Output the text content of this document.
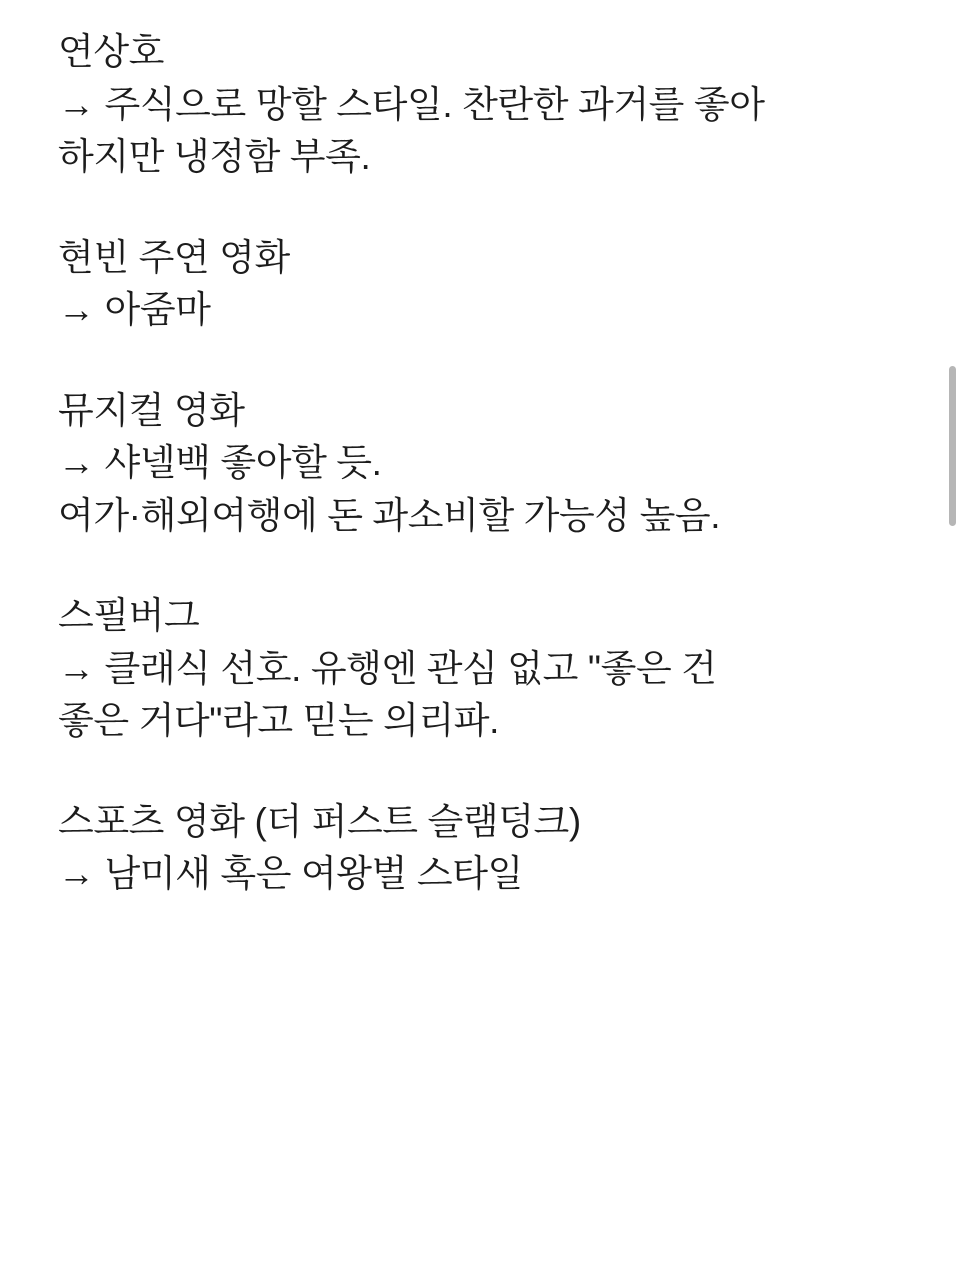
연상호
→ 주식으로 망할 스타일. 찬란한 과거를 좋아
하지만 냉정함 부족.
현빈 주연 영화
→ 아줌마
뮤지컬 영화
→ 샤넬백 좋아할 듯.
여가·해외여행에 돈 과소비할 가능성 높음.
스필버그
→ 클래식 선호. 유행엔 관심 없고 "좋은 건
좋은 거다"라고 믿는 의리파.
스포츠 영화 (더 퍼스트 슬램덩크)
→ 남미새 혹은 여왕벌 스타일
